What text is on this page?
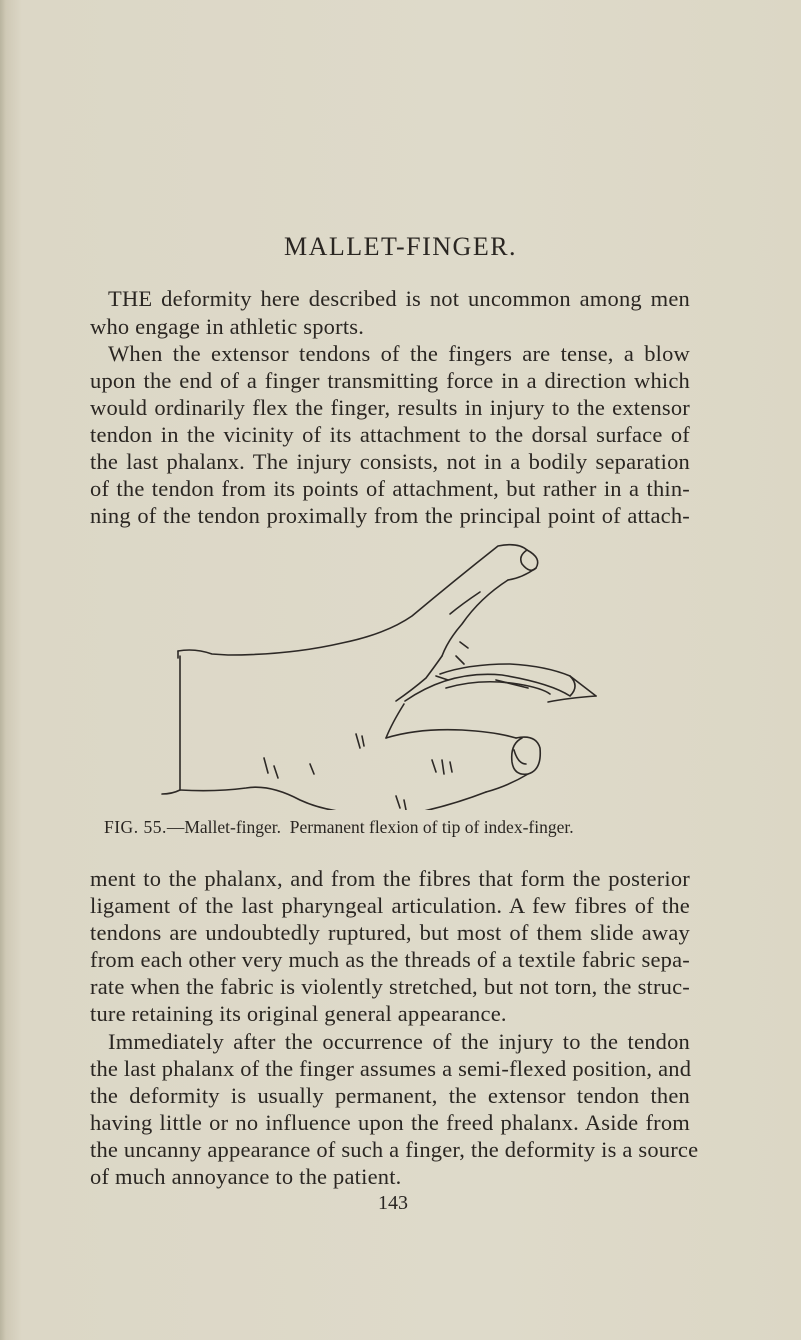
MALLET-FINGER.
THE deformity here described is not uncommon among men
who engage in athletic sports.
When the extensor tendons of the fingers are tense, a blow
upon the end of a finger transmitting force in a direction which
would ordinarily flex the finger, results in injury to the extensor
tendon in the vicinity of its attachment to the dorsal surface of
the last phalanx. The injury consists, not in a bodily separation
of the tendon from its points of attachment, but rather in a thin-
ning of the tendon proximally from the principal point of attach-
FIG. 55.—Mallet-finger. Permanent flexion of tip of index-finger.
ment to the phalanx, and from the fibres that form the posterior
ligament of the last pharyngeal articulation. A few fibres of the
tendons are undoubtedly ruptured, but most of them slide away
from each other very much as the threads of a textile fabric sepa-
rate when the fabric is violently stretched, but not torn, the struc-
ture retaining its original general appearance.
Immediately after the occurrence of the injury to the tendon
the last phalanx of the finger assumes a semi-flexed position, and
the deformity is usually permanent, the extensor tendon then
having little or no influence upon the freed phalanx. Aside from
the uncanny appearance of such a finger, the deformity is a source
of much annoyance to the patient.
143
